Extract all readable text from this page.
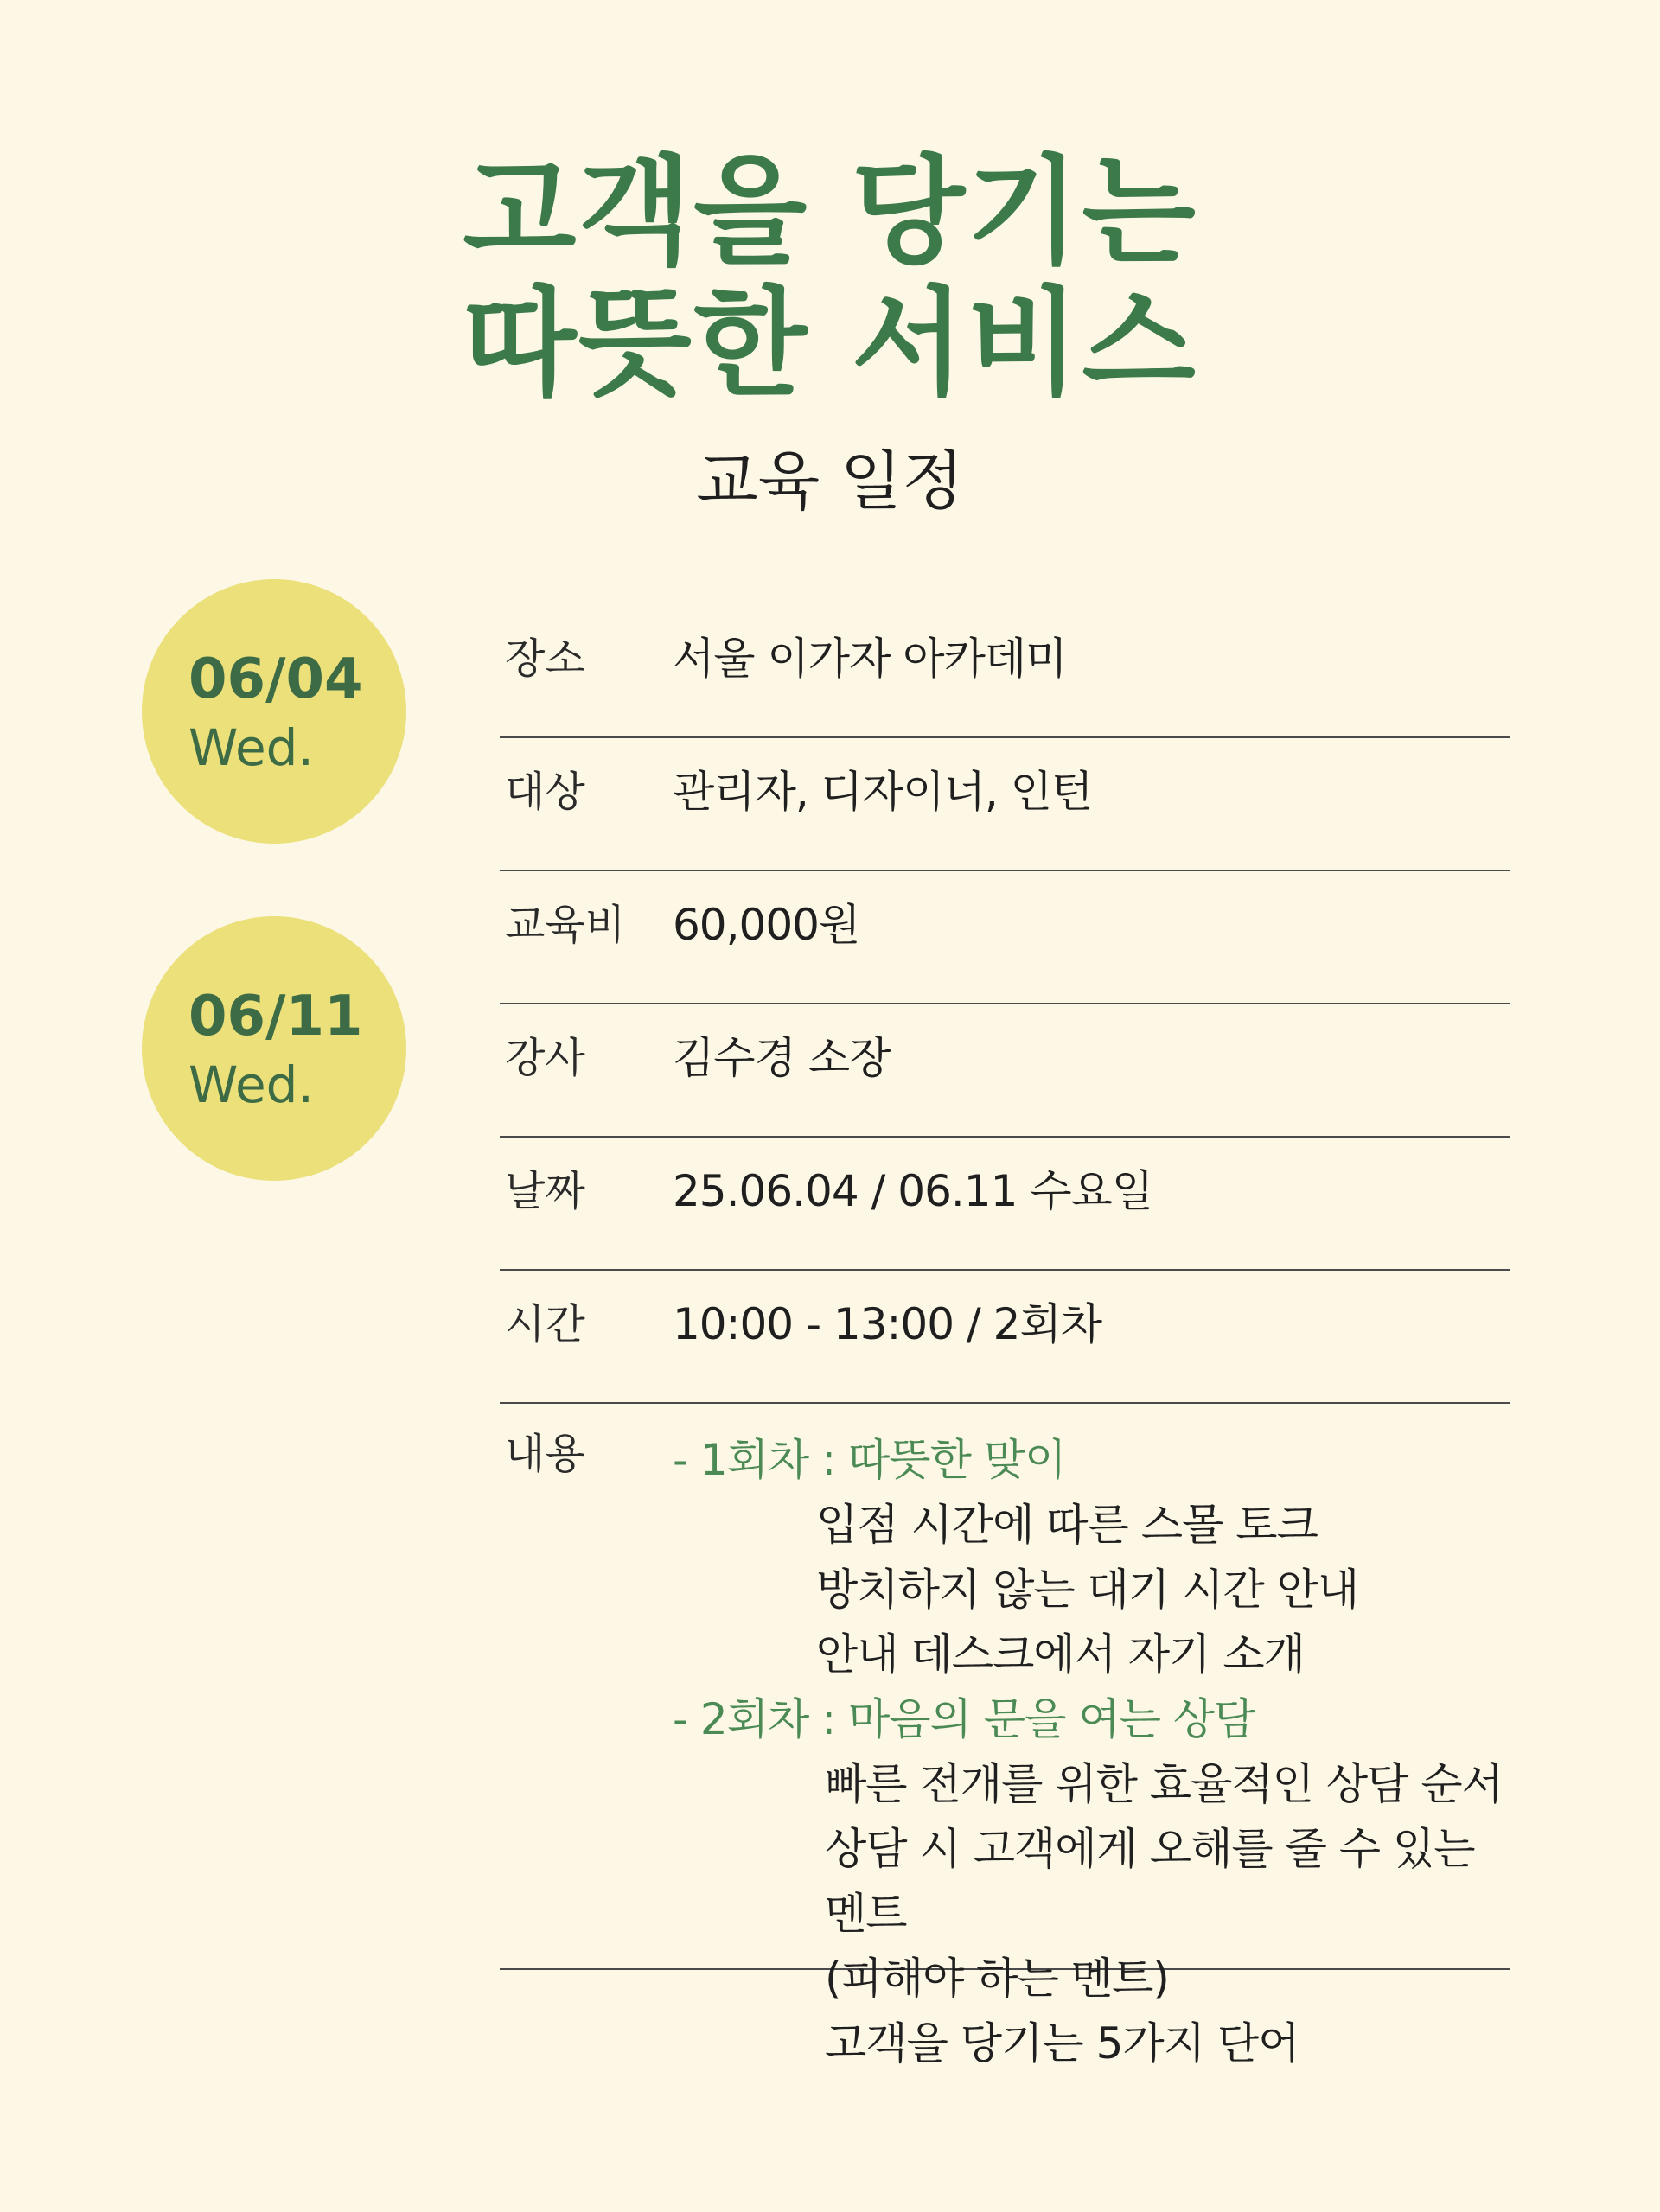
고객을 당기는
따뜻한 서비스
교육 일정
06/04
Wed.
06/11
Wed.
장소 서울 이가자 아카데미
대상 관리자, 디자이너, 인턴
교육비 60,000원
강사 김수경 소장
날짜 25.06.04 / 06.11 수요일
시간 10:00 - 13:00 / 2회차
내용 - 1회차 : 따뜻한 맞이
입점 시간에 따른 스몰 토크
방치하지 않는 대기 시간 안내
안내 데스크에서 자기 소개
- 2회차 : 마음의 문을 여는 상담
빠른 전개를 위한 효율적인 상담 순서
상담 시 고객에게 오해를 줄 수 있는 멘트
(피해야 하는 멘트)
고객을 당기는 5가지 단어
